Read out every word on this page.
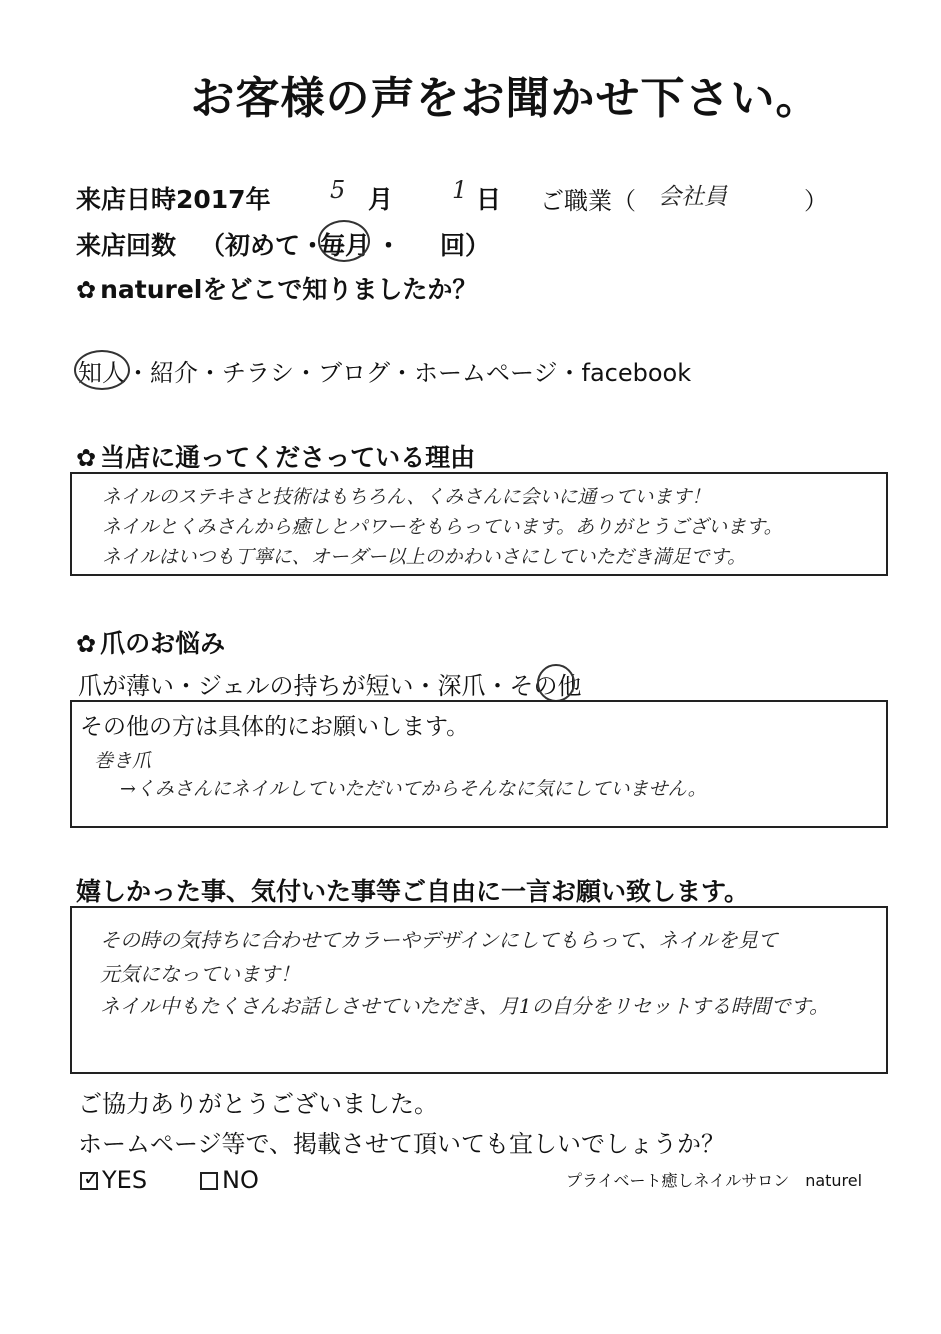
お客様の声をお聞かせ下さい。
来店日時2017年 5 月 1 日 ご職業（ 会社員	）
来店回数 （初めて・
毎月 ・ 回）
✿ naturelをどこで知りましたか？
知人・紹介・チラシ・ブログ・ホームページ・facebook
✿ 当店に通ってくださっている理由
ネイルのステキさと技術はもちろん、くみさんに会いに通っています！
ネイルとくみさんから癒しとパワーをもらっています。ありがとうございます。
ネイルはいつも丁寧に、オーダー以上のかわいさにしていただき満足です。
✿ 爪のお悩み
爪が薄い・ジェルの持ちが短い・深爪・その他
その他の方は具体的にお願いします。
巻き爪
→くみさんにネイルしていただいてからそんなに気にしていません。
嬉しかった事、気付いた事等ご自由に一言お願い致します。
その時の気持ちに合わせてカラーやデザインにしてもらって、ネイルを見て
元気になっています！
ネイル中もたくさんお話しさせていただき、月1の自分をリセットする時間です。
ご協力ありがとうございました。
ホームページ等で、掲載させて頂いても宜しいでしょうか？
✓ YES	NO	プライベート癒しネイルサロン　naturel
